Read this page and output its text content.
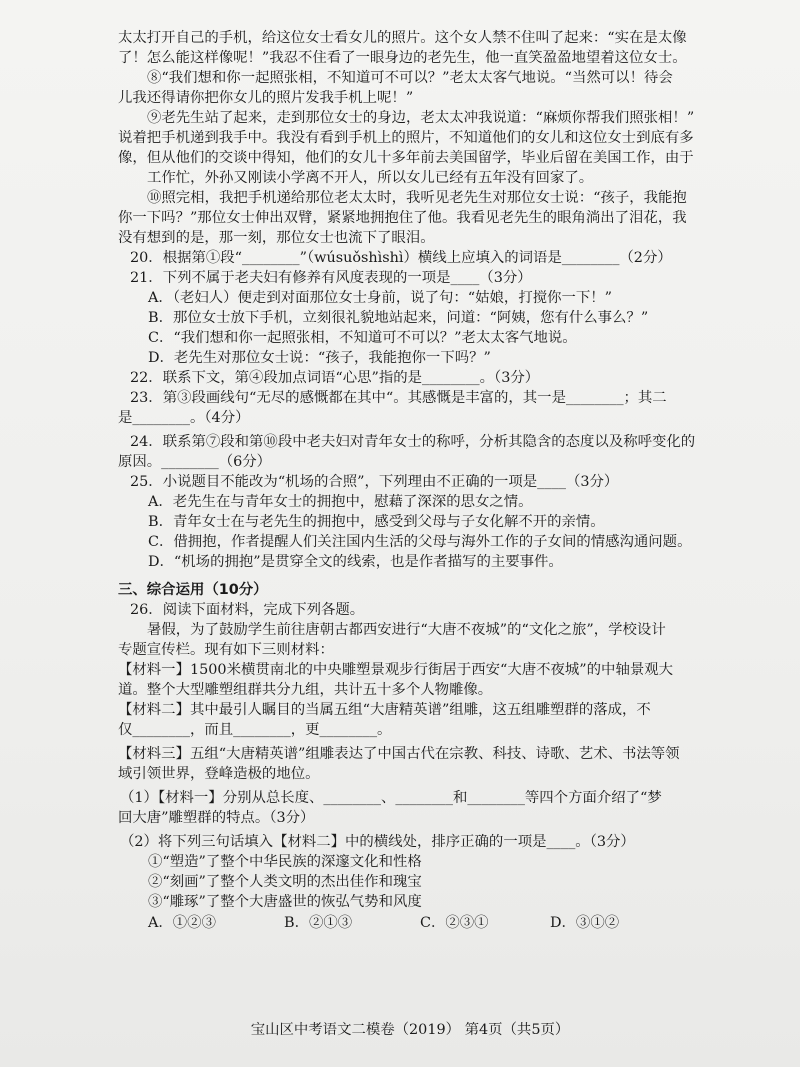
太太打开自己的手机，给这位女士看女儿的照片。这个女人禁不住叫了起来：“实在是太像
了！怎么能这样像呢！”我忍不住看了一眼身边的老先生，他一直笑盈盈地望着这位女士。
⑧“我们想和你一起照张相，不知道可不可以？”老太太客气地说。“当然可以！待会
儿我还得请你把你女儿的照片发我手机上呢！”
⑨老先生站了起来，走到那位女士的身边，老太太冲我说道：“麻烦你帮我们照张相！”
说着把手机递到我手中。我没有看到手机上的照片，不知道他们的女儿和这位女士到底有多
像，但从他们的交谈中得知，他们的女儿十多年前去美国留学，毕业后留在美国工作，由于
工作忙，外孙又刚读小学离不开人，所以女儿已经有五年没有回家了。
⑩照完相，我把手机递给那位老太太时，我听见老先生对那位女士说：“孩子，我能抱
你一下吗？”那位女士伸出双臂，紧紧地拥抱住了他。我看见老先生的眼角淌出了泪花，我
没有想到的是，那一刻，那位女士也流下了眼泪。
20．根据第①段“________”（wúsuǒshìshì）横线上应填入的词语是________（2分）
21．下列不属于老夫妇有修养有风度表现的一项是____（3分）
A．（老妇人）便走到对面那位女士身前，说了句：“姑娘，打搅你一下！”
B．那位女士放下手机，立刻很礼貌地站起来，问道：“阿姨，您有什么事么？”
C．“我们想和你一起照张相，不知道可不可以？”老太太客气地说。
D．老先生对那位女士说：“孩子，我能抱你一下吗？”
22．联系下文，第④段加点词语“心思”指的是________。（3分）
23．第③段画线句“无尽的感慨都在其中“。其感慨是丰富的，其一是________；其二
是________。（4分）
24．联系第⑦段和第⑩段中老夫妇对青年女士的称呼，分析其隐含的态度以及称呼变化的
原因。________（6分）
25．小说题目不能改为“机场的合照”，下列理由不正确的一项是____（3分）
A．老先生在与青年女士的拥抱中，慰藉了深深的思女之情。
B．青年女士在与老先生的拥抱中，感受到父母与子女化解不开的亲情。
C．借拥抱，作者提醒人们关注国内生活的父母与海外工作的子女间的情感沟通问题。
D．“机场的拥抱”是贯穿全文的线索，也是作者描写的主要事件。
三、综合运用（10分）
26．阅读下面材料，完成下列各题。
暑假，为了鼓励学生前往唐朝古都西安进行“大唐不夜城”的“文化之旅”，学校设计
专题宣传栏。现有如下三则材料：
【材料一】1500米横贯南北的中央雕塑景观步行街居于西安“大唐不夜城”的中轴景观大
道。整个大型雕塑组群共分九组，共计五十多个人物雕像。
【材料二】其中最引人瞩目的当属五组“大唐精英谱”组雕，这五组雕塑群的落成，不
仅________，而且________，更________。
【材料三】五组“大唐精英谱”组雕表达了中国古代在宗教、科技、诗歌、艺术、书法等领
域引领世界，登峰造极的地位。
（1）【材料一】分别从总长度、________、________和________等四个方面介绍了“梦
回大唐”雕塑群的特点。（3分）
（2）将下列三句话填入【材料二】中的横线处，排序正确的一项是____。（3分）
①“塑造”了整个中华民族的深邃文化和性格
②“刻画”了整个人类文明的杰出佳作和瑰宝
③“雕琢”了整个大唐盛世的恢弘气势和风度
A．①②③	B．②①③	C．②③①	D．③①②
宝山区中考语文二模卷（2019） 第4页（共5页）
